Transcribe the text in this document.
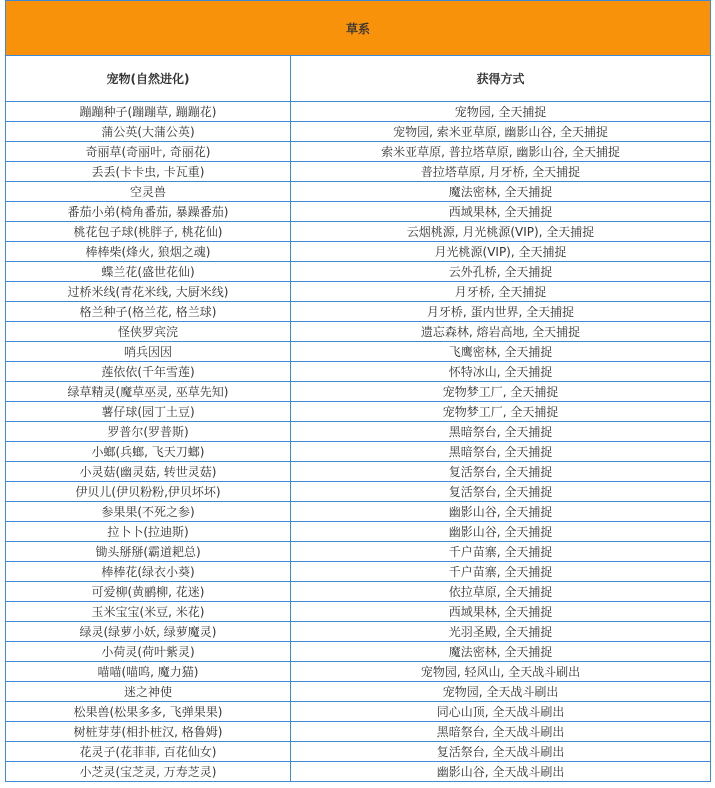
草系	
宠物(自然进化)	获得方式
蹦蹦种子(蹦蹦草, 蹦蹦花)	宠物园, 全天捕捉
蒲公英(大蒲公英)	宠物园, 索米亚草原, 幽影山谷, 全天捕捉
奇丽草(奇丽叶, 奇丽花)	索米亚草原, 普拉塔草原, 幽影山谷, 全天捕捉
丢丢(卡卡虫, 卡瓦重)	普拉塔草原, 月牙桥, 全天捕捉
空灵兽	魔法密林, 全天捕捉
番茄小弟(椅角番茄, 暴躁番茄)	西域果林, 全天捕捉
桃花包子球(桃胖子, 桃花仙)	云烟桃源, 月光桃源(VIP), 全天捕捉
棒棒柴(烽火, 狼烟之魂)	月光桃源(VIP), 全天捕捉
蝶兰花(盛世花仙)	云外孔桥, 全天捕捉
过桥米线(青花米线, 大厨米线)	月牙桥, 全天捕捉
格兰种子(格兰花, 格兰球)	月牙桥, 蛋内世界, 全天捕捉
怪侠罗宾浣	遗忘森林, 熔岩高地, 全天捕捉
哨兵因因	飞鹰密林, 全天捕捉
莲依依(千年雪莲)	怀特冰山, 全天捕捉
绿草精灵(魔草巫灵, 巫草先知)	宠物梦工厂, 全天捕捉
薯仔球(园丁土豆)	宠物梦工厂, 全天捕捉
罗普尔(罗普斯)	黑暗祭台, 全天捕捉
小螂(兵螂, 飞天刀螂)	黑暗祭台, 全天捕捉
小灵菇(幽灵菇, 转世灵菇)	复活祭台, 全天捕捉
伊贝儿(伊贝粉粉,伊贝坏坏)	复活祭台, 全天捕捉
参果果(不死之参)	幽影山谷, 全天捕捉
拉卜卜(拉迪斯)	幽影山谷, 全天捕捉
锄头掰掰(霸道耙总)	千户苗寨, 全天捕捉
棒棒花(绿衣小葵)	千户苗寨, 全天捕捉
可爱柳(黄鹂柳, 花迷)	依拉草原, 全天捕捉
玉米宝宝(米豆, 米花)	西域果林, 全天捕捉
绿灵(绿萝小妖, 绿萝魔灵)	光羽圣殿, 全天捕捉
小荷灵(荷叶紫灵)	魔法密林, 全天捕捉
喵喵(喵呜, 魔力猫)	宠物园, 轻风山, 全天战斗刷出
迷之神使	宠物园, 全天战斗刷出
松果兽(松果多多, 飞弹果果)	同心山顶, 全天战斗刷出
树桩芽芽(相扑桩汉, 格鲁姆)	黑暗祭台, 全天战斗刷出
花灵子(花菲菲, 百花仙女)	复活祭台, 全天战斗刷出
小芝灵(宝芝灵, 万寿芝灵)	幽影山谷, 全天战斗刷出
